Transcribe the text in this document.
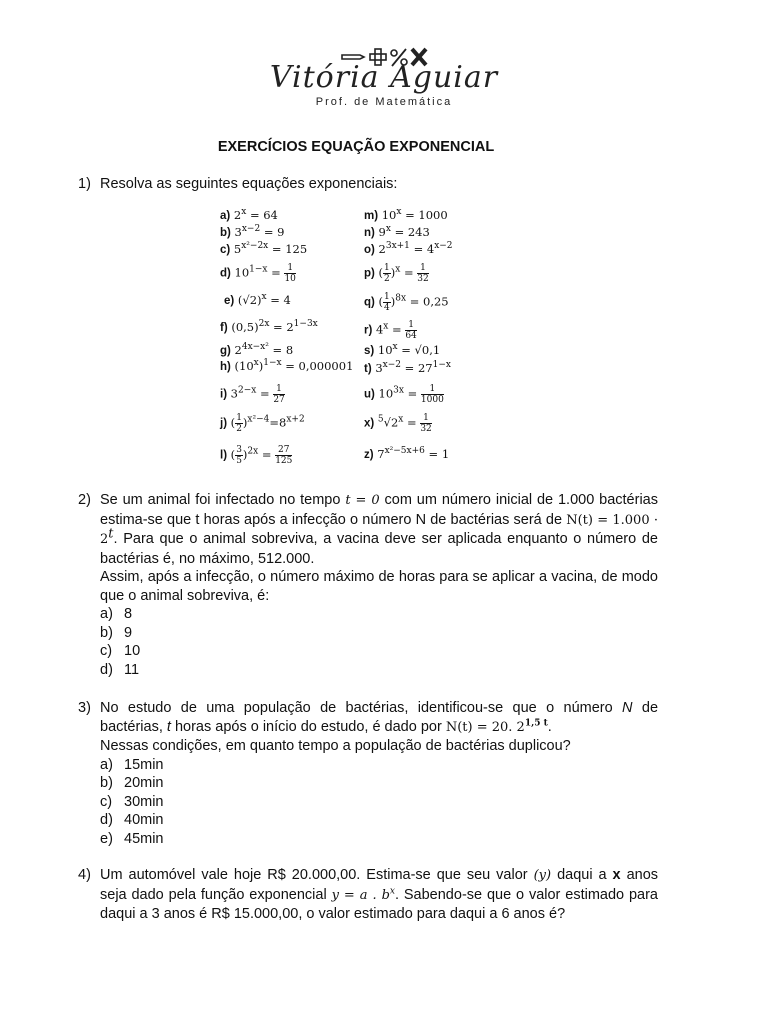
Vitória Aguiar
Prof. de Matemática
EXERCÍCIOS EQUAÇÃO EXPONENCIAL
1) Resolva as seguintes equações exponenciais:
a) $2^x = 64$
b) $3^{x-2} = 9$
c) $5^{x^2-2x} = 125$
d) $10^{1-x} = \frac{1}{10}$
e) $(√2)^x = 4$
f) $(0,5)^{2x} = 2^{1-3x}$
g) $2^{4x-x^2} = 8$
h) $(10^x)^{1-x} = 0,000001$
i) $3^{2-x} = \frac{1}{27}$
j) ( $\frac{1}{2} )^{x^2-4}=8^{x+2}$
l) ( $\frac{3}{5} )^{2x} = \frac{27}{125}$
m) $10^x = 1000$
n) $9^x = 243$
o) $2^{3x+1} = 4^{x-2}$
p) ( $\frac{1}{2} )^x = \frac{1}{32}$
q) ( $\frac{1}{4} )^{8x} = 0,25$
r) $4^x = \frac{1}{64}$
s) $10^x = √0,1$
t) $3^{x-2} = 27^{1-x}$
u) $10^{3x} = \frac{1}{1000}$
x) $^5√2^x = \frac{1}{32}$
z) $7^{x^2-5x+6} = 1$
2) Se um animal foi infectado no tempo t = 0 com um número inicial de 1.000 bactérias estima-se que t horas após a infecção o número N de bactérias será de $N(t) = 1.000 \cdot 2^t$. Para que o animal sobreviva, a vacina deve ser aplicada enquanto o número de bactérias é, no máximo, 512.000.
Assim, após a infecção, o número máximo de horas para se aplicar a vacina, de modo que o animal sobreviva, é:
a) 8
b) 9
c) 10
d) 11
3) No estudo de uma população de bactérias, identificou-se que o número N de bactérias, t horas após o início do estudo, é dado por N(t) = 20. $2^{1,5 t}$.
Nessas condições, em quanto tempo a população de bactérias duplicou?
a) 15min
b) 20min
c) 30min
d) 40min
e) 45min
4) Um automóvel vale hoje R$ 20.000,00. Estima-se que seu valor (y) daqui a x anos seja dado pela função exponencial y = a . $b^x$. Sabendo-se que o valor estimado para daqui a 3 anos é R$ 15.000,00, o valor estimado para daqui a 6 anos é?
